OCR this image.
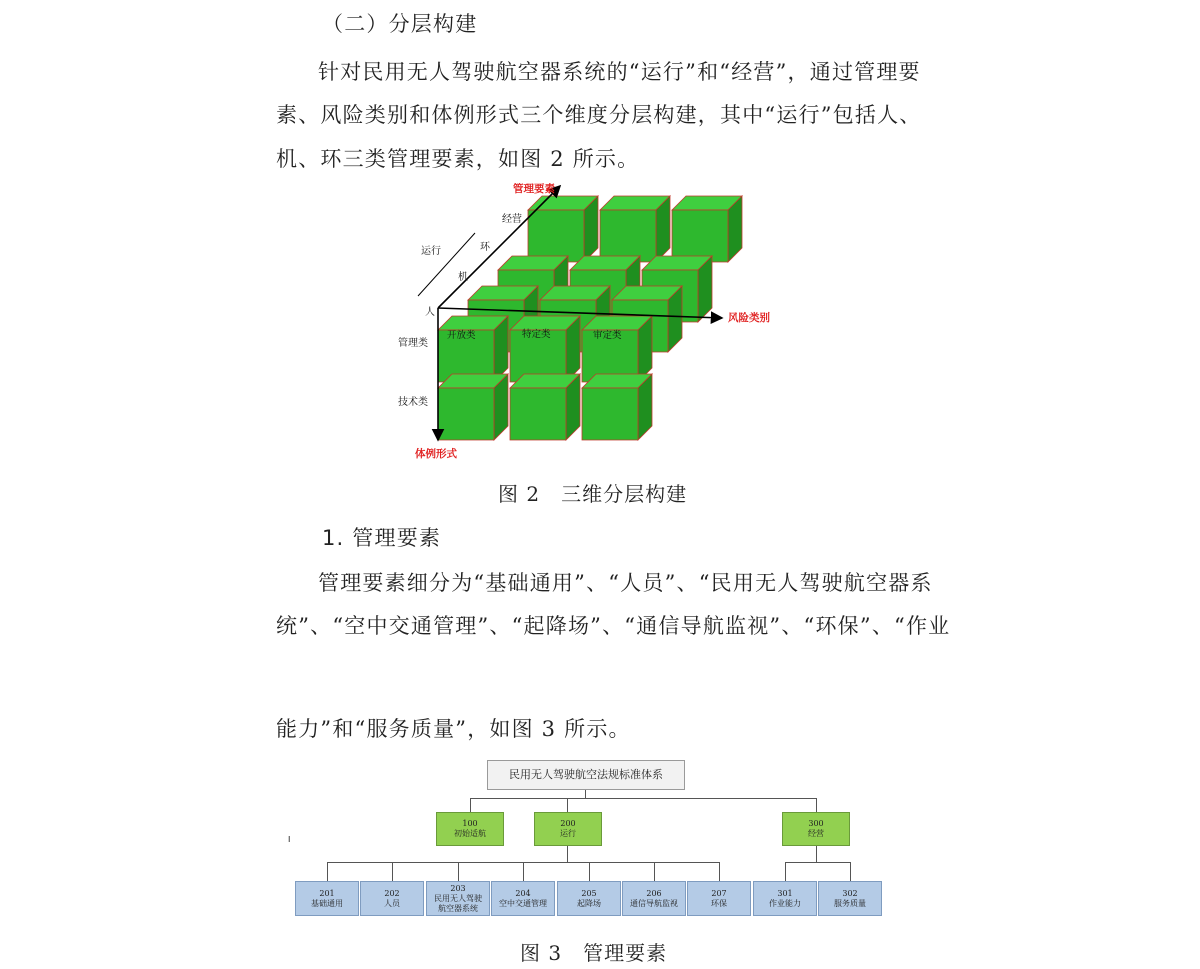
（二）分层构建
针对民用无人驾驶航空器系统的“运行”和“经营”，通过管理要
素、风险类别和体例形式三个维度分层构建，其中“运行”包括人、
机、环三类管理要素，如图 2 所示。
管理要素
经营
运行	环
机
人
管理类
技术类
风险类别
体例形式
开放类	特定类	审定类
图 2　三维分层构建
1. 管理要素
管理要素细分为“基础通用”、“人员”、“民用无人驾驶航空器系
统”、“空中交通管理”、“起降场”、“通信导航监视”、“环保”、“作业
能力”和“服务质量”，如图 3 所示。
民用无人驾驶航空法规标准体系
100
初始适航
200
运行
300
经营
I
201
基础通用
202
人员
203
民用无人驾驶航空器系统
204
空中交通管理
205
起降场
206
通信导航监视
207
环保
301
作业能力
302
服务质量
图 3　管理要素
